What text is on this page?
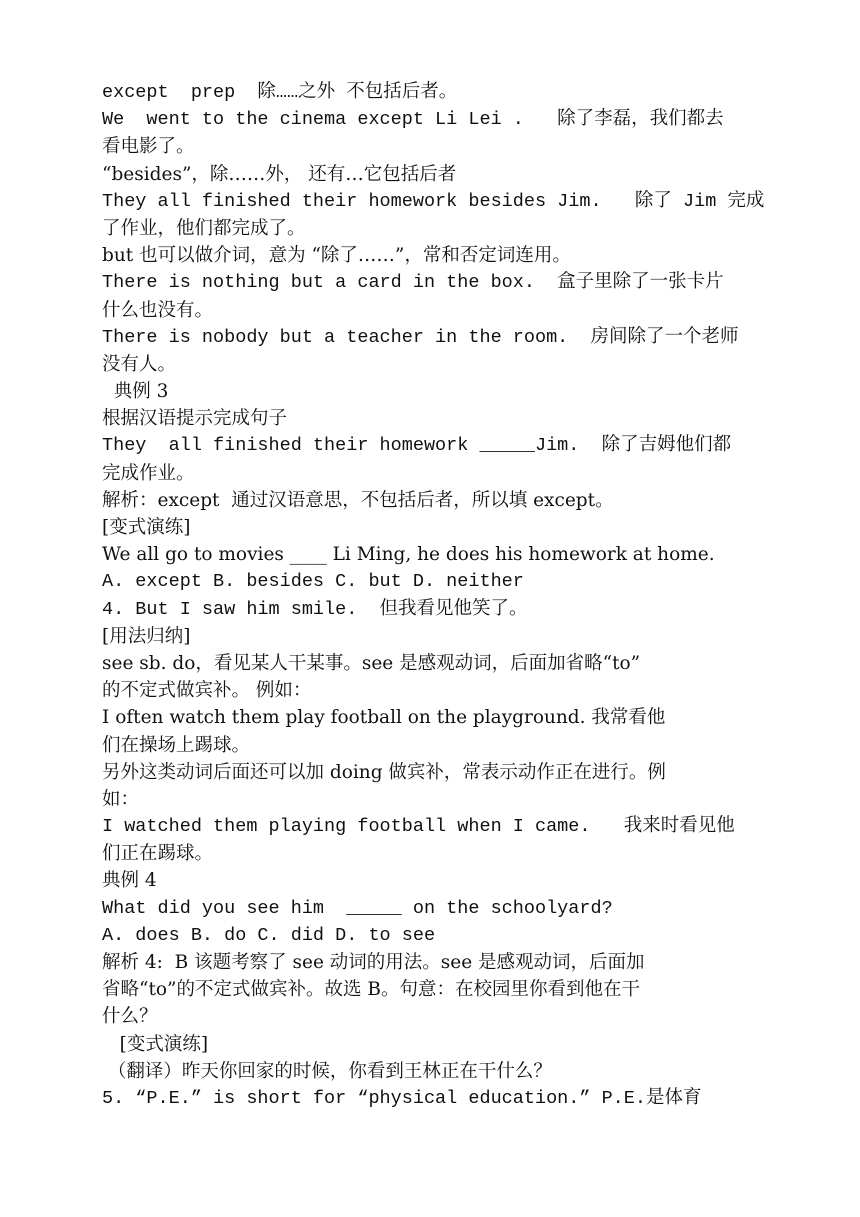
except  prep  除……之外 不包括后者。
We  went to the cinema except Li Lei .   除了李磊，我们都去
看电影了。
“besides”，除……外， 还有…它包括后者
They all finished their homework besides Jim.   除了 Jim 完成
了作业，他们都完成了。
but 也可以做介词，意为 “除了……”，常和否定词连用。
There is nothing but a card in the box.  盒子里除了一张卡片
什么也没有。
There is nobody but a teacher in the room.  房间除了一个老师
没有人。
典例 3
根据汉语提示完成句子
They  all finished their homework _____Jim.  除了吉姆他们都
完成作业。
解析：except  通过汉语意思，不包括后者，所以填 except。
[变式演练]
We all go to movies ____ Li Ming, he does his homework at home.
A. except B. besides C. but D. neither
4. But I saw him smile.  但我看见他笑了。
[用法归纳]
see sb. do，看见某人干某事。see 是感观动词，后面加省略“to”
的不定式做宾补。 例如：
I often watch them play football on the playground. 我常看他
们在操场上踢球。
另外这类动词后面还可以加 doing 做宾补，常表示动作正在进行。例
如：
I watched them playing football when I came.   我来时看见他
们正在踢球。
典例 4
What did you see him  _____ on the schoolyard?
A. does B. do C. did D. to see
解析 4:  B 该题考察了 see 动词的用法。see 是感观动词，后面加
省略“to”的不定式做宾补。故选 B。句意：在校园里你看到他在干
什么？
[变式演练]
（翻译）昨天你回家的时候，你看到王林正在干什么？
5. “P.E.” is short for “physical education.” P.E.是体育
